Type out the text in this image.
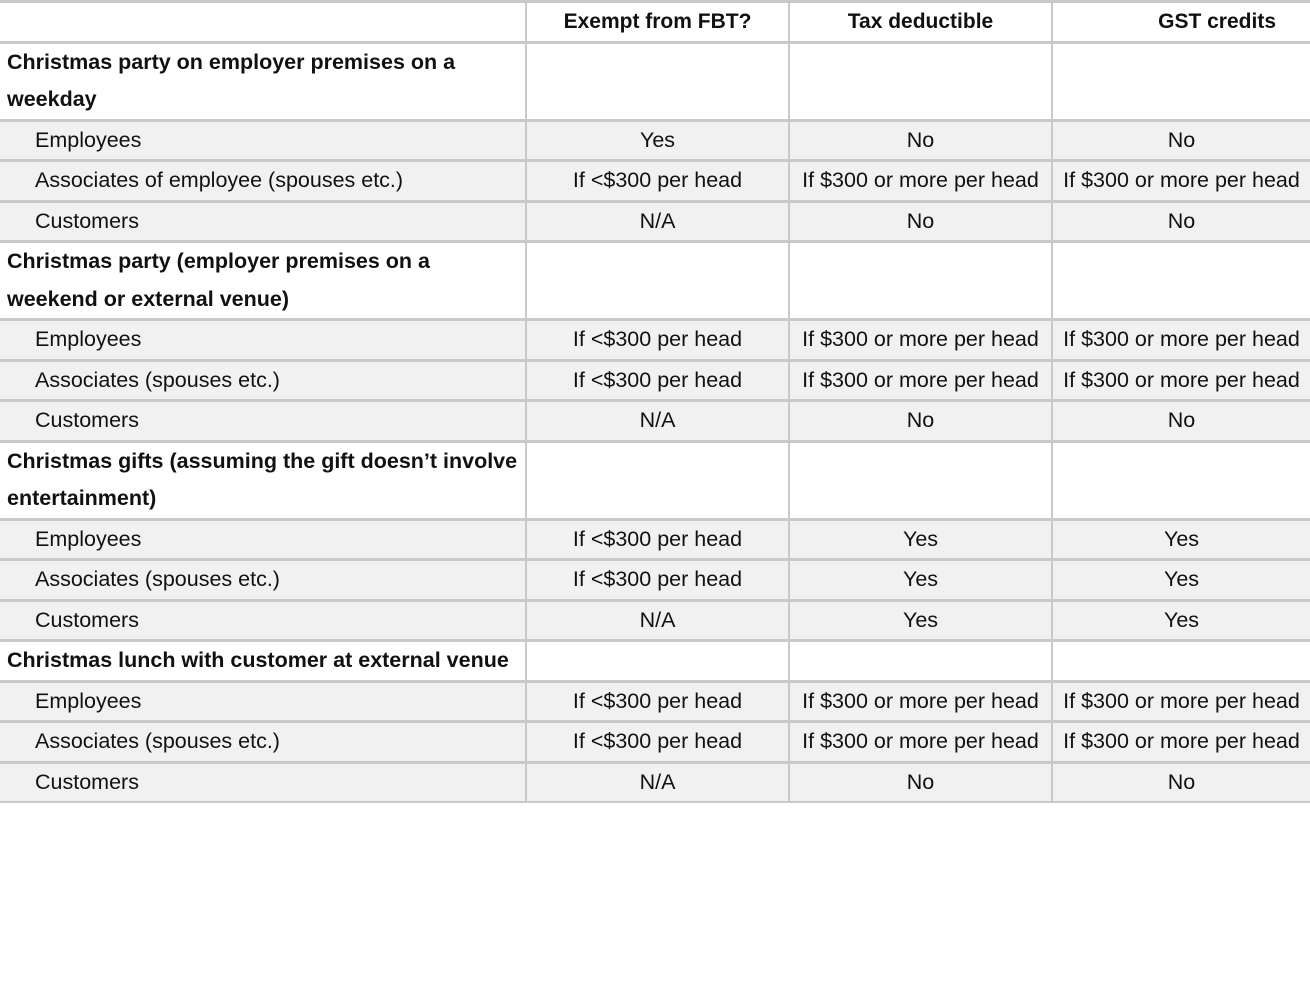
	Exempt from FBT?	Tax deductible	GST credits
Christmas party on employer premises on a weekday			
Employees	Yes	No	No
Associates of employee (spouses etc.)	If <$300 per head	If $300 or more per head	If $300 or more per head
Customers	N/A	No	No
Christmas party (employer premises on a weekend or external venue)			
Employees	If <$300 per head	If $300 or more per head	If $300 or more per head
Associates (spouses etc.)	If <$300 per head	If $300 or more per head	If $300 or more per head
Customers	N/A	No	No
Christmas gifts (assuming the gift doesn’t involve entertainment)			
Employees	If <$300 per head	Yes	Yes
Associates (spouses etc.)	If <$300 per head	Yes	Yes
Customers	N/A	Yes	Yes
Christmas lunch with customer at external venue			
Employees	If <$300 per head	If $300 or more per head	If $300 or more per head
Associates (spouses etc.)	If <$300 per head	If $300 or more per head	If $300 or more per head
Customers	N/A	No	No
